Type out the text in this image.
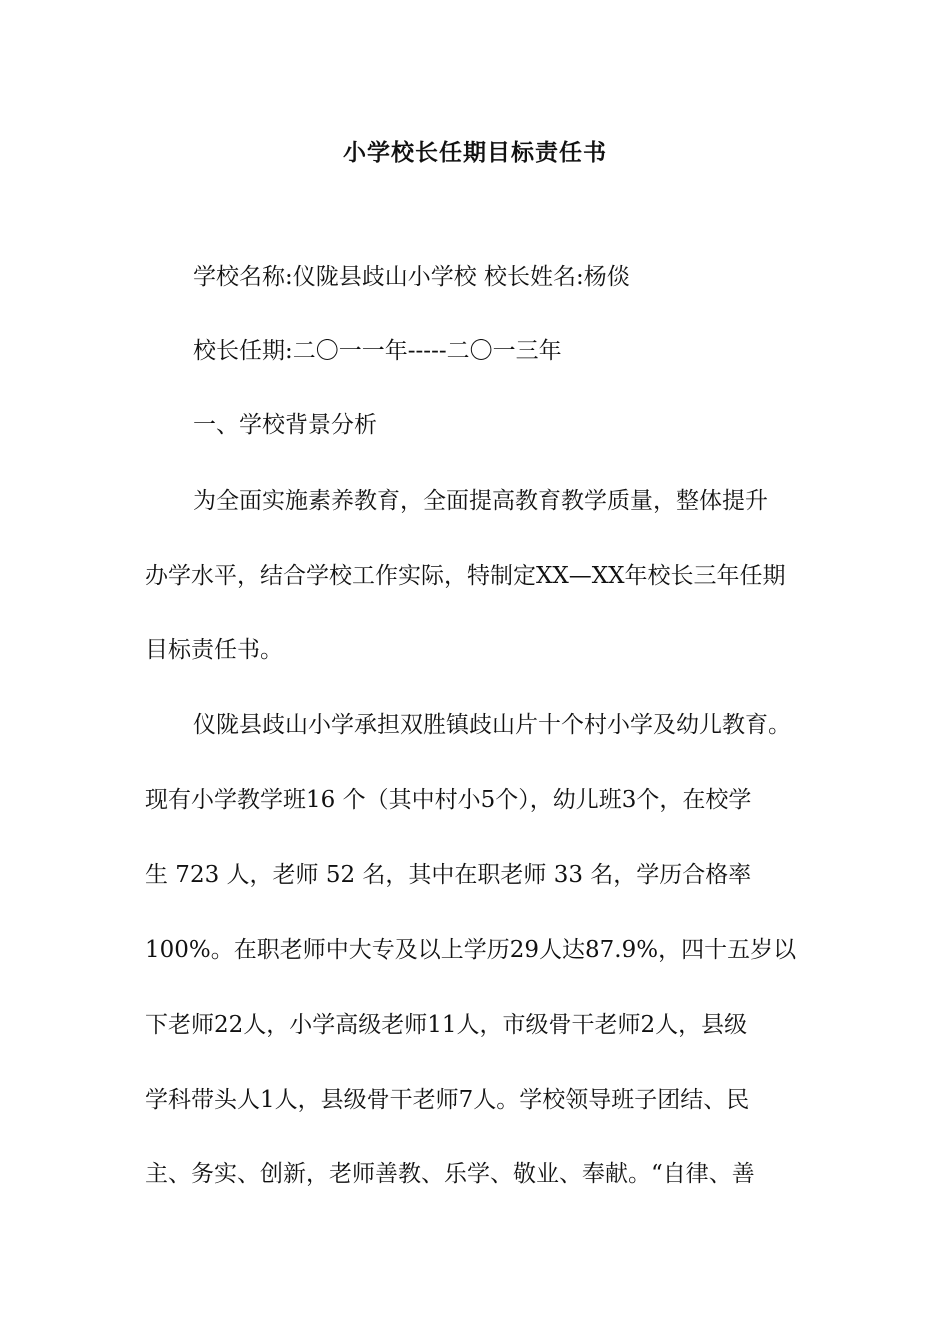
小学校长任期目标责任书

学校名称:仪陇县歧山小学校 校长姓名:杨倓

校长任期:二〇一一年-----二〇一三年

一、学校背景分析

为全面实施素养教育，全面提高教育教学质量，整体提升

办学水平，结合学校工作实际，特制定XX—XX年校长三年任期

目标责任书。

仪陇县歧山小学承担双胜镇歧山片十个村小学及幼儿教育。

现有小学教学班16 个（其中村小5个），幼儿班3个，在校学

生 723 人，老师 52 名，其中在职老师 33 名，学历合格率

100%。在职老师中大专及以上学历29人达87.9%，四十五岁以

下老师22人，小学高级老师11人，市级骨干老师2人，县级

学科带头人1人，县级骨干老师7人。学校领导班子团结、民

主、务实、创新，老师善教、乐学、敬业、奉献。“自律、善
